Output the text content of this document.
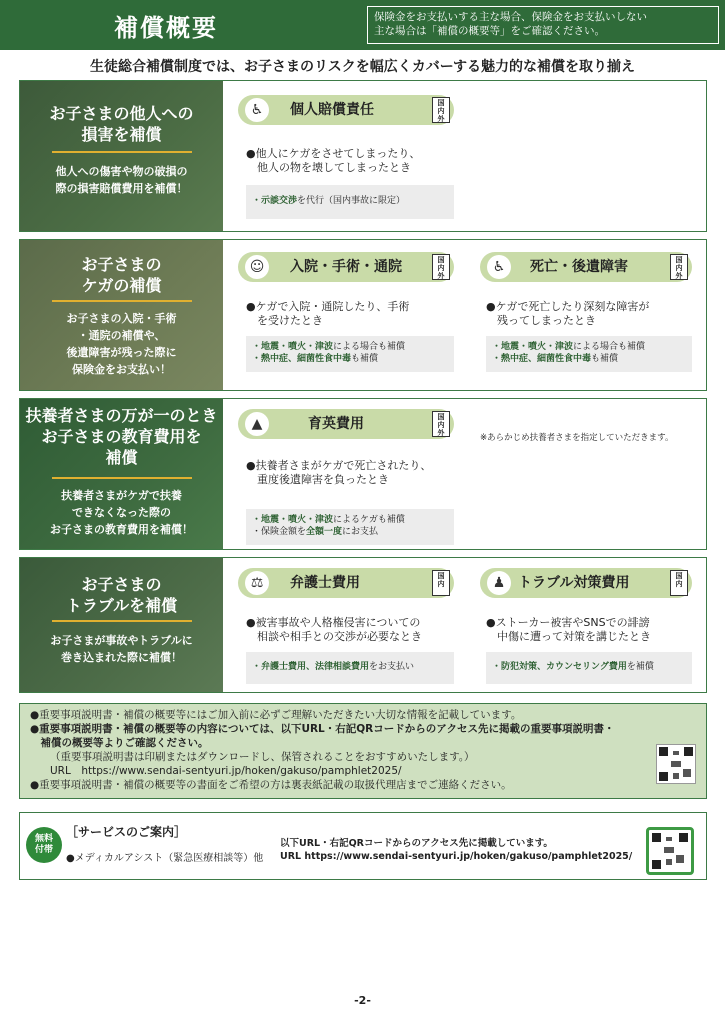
補償概要	保険金をお支払いする主な場合、保険金をお支払いしない
主な場合は「補償の概要等」をご確認ください。
生徒総合補償制度では、お子さまのリスクを幅広くカバーする魅力的な補償を取り揃え
お子さまの他人への
損害を補償
他人への傷害や物の破損の
際の損害賠償費用を補償！
♿	個人賠償責任	国
内
外
●他人にケガをさせてしまったり、
　他人の物を壊してしまったとき
・示談交渉を代行（国内事故に限定）
お子さまの
ケガの補償
お子さまの入院・手術
・通院の補償や、
後遺障害が残った際に
保険金をお支払い！
☺	入院・手術・通院	国
内
外
●ケガで入院・通院したり、手術
　を受けたとき
・地震・噴火・津波による場合も補償
・熱中症、細菌性食中毒も補償
♿	死亡・後遺障害	国
内
外
●ケガで死亡したり深刻な障害が
　残ってしまったとき
・地震・噴火・津波による場合も補償
・熱中症、細菌性食中毒も補償
扶養者さまの万が一のとき
お子さまの教育費用を
補償
扶養者さまがケガで扶養
できなくなった際の
お子さまの教育費用を補償！
▲	育英費用	国
内
外	※あらかじめ扶養者さまを指定していただきます。
●扶養者さまがケガで死亡されたり、
　重度後遺障害を負ったとき
・地震・噴火・津波によるケガも補償
・保険金額を全額一度にお支払
お子さまの
トラブルを補償
お子さまが事故やトラブルに
巻き込まれた際に補償！
⚖	弁護士費用	国
内
●被害事故や人格権侵害についての
　相談や相手との交渉が必要なとき
・弁護士費用、法律相談費用をお支払い
♟ トラブル対策費用	国
内
●ストーカー被害やSNSでの誹謗
　中傷に遭って対策を講じたとき
・防犯対策、カウンセリング費用を補償
●重要事項説明書・補償の概要等にはご加入前に必ずご理解いただきたい大切な情報を記載しています。
●重要事項説明書・補償の概要等の内容については、以下URL・右記QRコードからのアクセス先に掲載の重要事項説明書・
　補償の概要等よりご確認ください。
（重要事項説明書は印刷またはダウンロードし、保管されることをおすすめいたします。）
URL　https://www.sendai-sentyuri.jp/hoken/gakuso/pamphlet2025/
●重要事項説明書・補償の概要等の書面をご希望の方は裏表紙記載の取扱代理店までご連絡ください。
無料
付帯
［サービスのご案内］
●メディカルアシスト（緊急医療相談等）他
以下URL・右記QRコードからのアクセス先に掲載しています。
URL https://www.sendai-sentyuri.jp/hoken/gakuso/pamphlet2025/
-2-
